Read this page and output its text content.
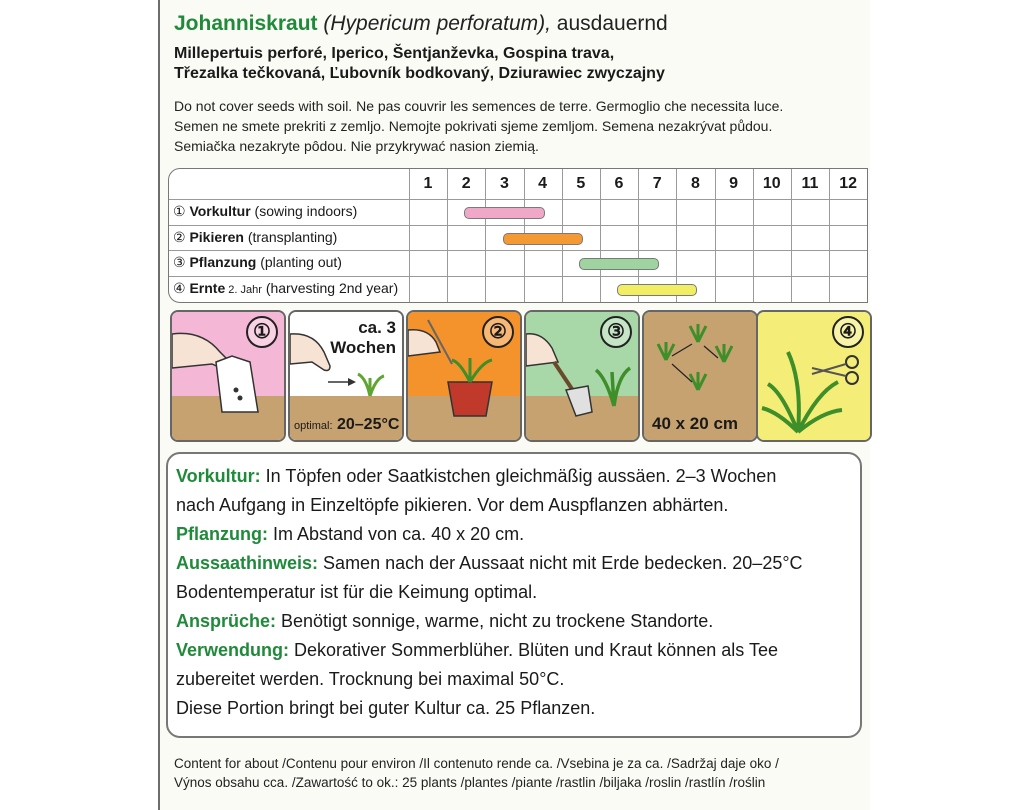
Johanniskraut (Hypericum perforatum), ausdauernd
Millepertuis perforé, Iperico, Šentjanževka, Gospina trava,
Třezalka tečkovaná, Ľubovník bodkovaný, Dziurawiec zwyczajny
Do not cover seeds with soil. Ne pas couvrir les semences de terre. Germoglio che necessita luce.
Semen ne smete prekriti z zemljo. Nemojte pokrivati sjeme zemljom. Semena nezakrývat půdou.
Semiačka nezakryte pôdou. Nie przykrywać nasion ziemią.
1	2	3	4	5	6	7	8	9	10	11	12
① Vorkultur (sowing indoors)
② Pikieren (transplanting)
③ Pflanzung (planting out)
④ Ernte 2. Jahr (harvesting 2nd year)
①	ca. 3
Wochen
optimal: 20–25°C
②	③
40 x 20 cm
④

Vorkultur: In Töpfen oder Saatkistchen gleichmäßig aussäen. 2–3 Wochen

nach Aufgang in Einzeltöpfe pikieren. Vor dem Auspflanzen abhärten.

Pflanzung: Im Abstand von ca. 40 x 20 cm.

Aussaathinweis: Samen nach der Aussaat nicht mit Erde bedecken. 20–25°C

Bodentemperatur ist für die Keimung optimal.

Ansprüche: Benötigt sonnige, warme, nicht zu trockene Standorte.

Verwendung: Dekorativer Sommerblüher. Blüten und Kraut können als Tee

zubereitet werden. Trocknung bei maximal 50°C.

Diese Portion bringt bei guter Kultur ca. 25 Pflanzen.

Content for about /Contenu pour environ /Il contenuto rende ca. /Vsebina je za ca. /Sadržaj daje oko /
Výnos obsahu cca. /Zawartość to ok.: 25 plants /plantes /piante /rastlin /biljaka /roslin /rastlín /roślin
